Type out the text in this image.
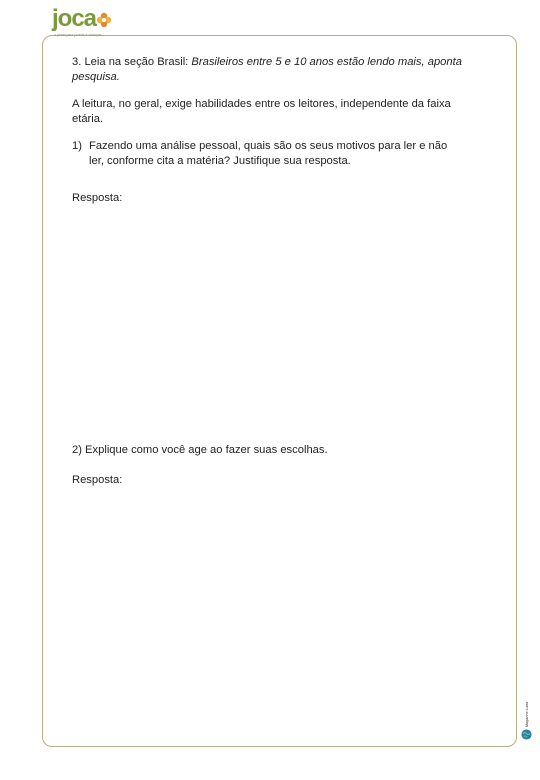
joca
o jornal para jovens e crianças

3. Leia na seção Brasil: Brasileiros entre 5 e 10 anos estão lendo mais, aponta pesquisa.

A leitura, no geral, exige habilidades entre os leitores, independente da faixa etária.

1) Fazendo uma análise pessoal, quais são os seus motivos para ler e não ler, conforme cita a matéria? Justifique sua resposta.
Resposta:
2) Explique como você age ao fazer suas escolhas.
Resposta:
Magazine Luiza
